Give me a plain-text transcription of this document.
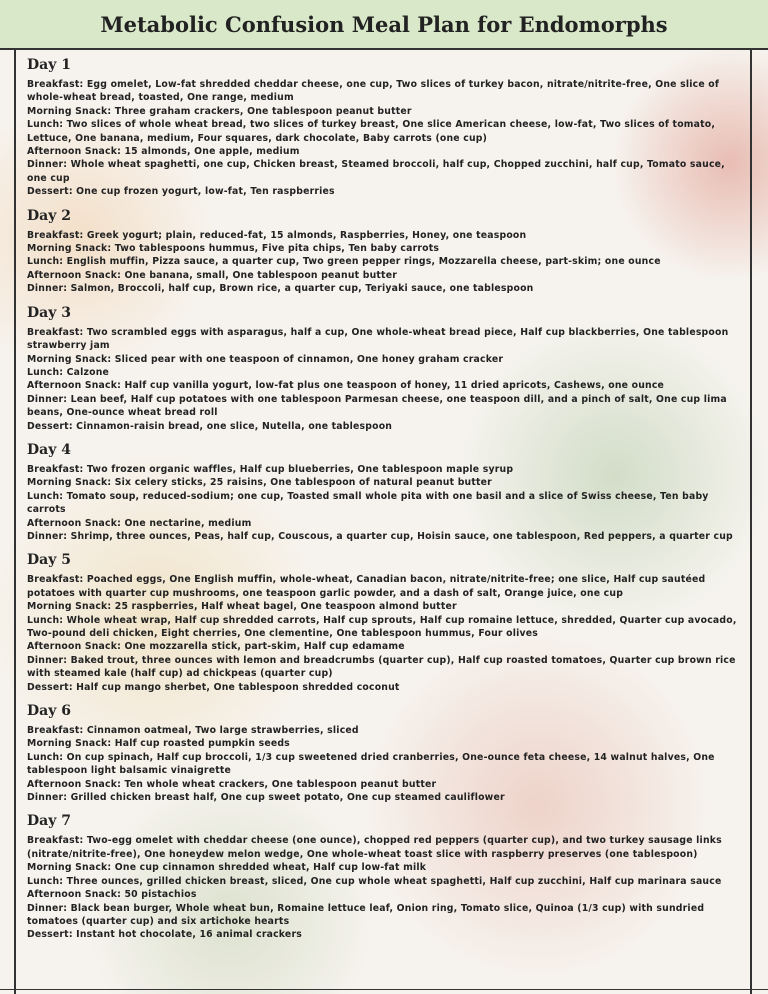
Metabolic Confusion Meal Plan for Endomorphs
Day 1
Breakfast: Egg omelet, Low-fat shredded cheddar cheese, one cup, Two slices of turkey bacon, nitrate/nitrite-free, One slice of whole-wheat bread, toasted, One range, medium
Morning Snack: Three graham crackers, One tablespoon peanut butter
Lunch: Two slices of whole wheat bread, two slices of turkey breast, One slice American cheese, low-fat, Two slices of tomato, Lettuce, One banana, medium, Four squares, dark chocolate, Baby carrots (one cup)
Afternoon Snack: 15 almonds, One apple, medium
Dinner: Whole wheat spaghetti, one cup, Chicken breast, Steamed broccoli, half cup, Chopped zucchini, half cup, Tomato sauce, one cup
Dessert: One cup frozen yogurt, low-fat, Ten raspberries
Day 2
Breakfast: Greek yogurt; plain, reduced-fat, 15 almonds, Raspberries, Honey, one teaspoon
Morning Snack: Two tablespoons hummus, Five pita chips, Ten baby carrots
Lunch: English muffin, Pizza sauce, a quarter cup, Two green pepper rings, Mozzarella cheese, part-skim; one ounce
Afternoon Snack: One banana, small, One tablespoon peanut butter
Dinner: Salmon, Broccoli, half cup, Brown rice, a quarter cup, Teriyaki sauce, one tablespoon
Day 3
Breakfast: Two scrambled eggs with asparagus, half a cup, One whole-wheat bread piece, Half cup blackberries, One tablespoon strawberry jam
Morning Snack: Sliced pear with one teaspoon of cinnamon, One honey graham cracker
Lunch: Calzone
Afternoon Snack: Half cup vanilla yogurt, low-fat plus one teaspoon of honey, 11 dried apricots, Cashews, one ounce
Dinner: Lean beef, Half cup potatoes with one tablespoon Parmesan cheese, one teaspoon dill, and a pinch of salt, One cup lima beans, One-ounce wheat bread roll
Dessert: Cinnamon-raisin bread, one slice, Nutella, one tablespoon
Day 4
Breakfast: Two frozen organic waffles, Half cup blueberries, One tablespoon maple syrup
Morning Snack: Six celery sticks, 25 raisins, One tablespoon of natural peanut butter
Lunch: Tomato soup, reduced-sodium; one cup, Toasted small whole pita with one basil and a slice of Swiss cheese, Ten baby carrots
Afternoon Snack: One nectarine, medium
Dinner: Shrimp, three ounces, Peas, half cup, Couscous, a quarter cup, Hoisin sauce, one tablespoon, Red peppers, a quarter cup
Day 5
Breakfast: Poached eggs, One English muffin, whole-wheat, Canadian bacon, nitrate/nitrite-free; one slice, Half cup sautéed potatoes with quarter cup mushrooms, one teaspoon garlic powder, and a dash of salt, Orange juice, one cup
Morning Snack: 25 raspberries, Half wheat bagel, One teaspoon almond butter
Lunch: Whole wheat wrap, Half cup shredded carrots, Half cup sprouts, Half cup romaine lettuce, shredded, Quarter cup avocado, Two-pound deli chicken, Eight cherries, One clementine, One tablespoon hummus, Four olives
Afternoon Snack: One mozzarella stick, part-skim, Half cup edamame
Dinner: Baked trout, three ounces with lemon and breadcrumbs (quarter cup), Half cup roasted tomatoes, Quarter cup brown rice with steamed kale (half cup) ad chickpeas (quarter cup)
Dessert: Half cup mango sherbet, One tablespoon shredded coconut
Day 6
Breakfast: Cinnamon oatmeal, Two large strawberries, sliced
Morning Snack: Half cup roasted pumpkin seeds
Lunch: On cup spinach, Half cup broccoli, 1/3 cup sweetened dried cranberries, One-ounce feta cheese, 14 walnut halves, One tablespoon light balsamic vinaigrette
Afternoon Snack: Ten whole wheat crackers, One tablespoon peanut butter
Dinner: Grilled chicken breast half, One cup sweet potato, One cup steamed cauliflower
Day 7
Breakfast: Two-egg omelet with cheddar cheese (one ounce), chopped red peppers (quarter cup), and two turkey sausage links (nitrate/nitrite-free), One honeydew melon wedge, One whole-wheat toast slice with raspberry preserves (one tablespoon)
Morning Snack: One cup cinnamon shredded wheat, Half cup low-fat milk
Lunch: Three ounces, grilled chicken breast, sliced, One cup whole wheat spaghetti, Half cup zucchini, Half cup marinara sauce
Afternoon Snack: 50 pistachios
Dinner: Black bean burger, Whole wheat bun, Romaine lettuce leaf, Onion ring, Tomato slice, Quinoa (1/3 cup) with sundried tomatoes (quarter cup) and six artichoke hearts
Dessert: Instant hot chocolate, 16 animal crackers
